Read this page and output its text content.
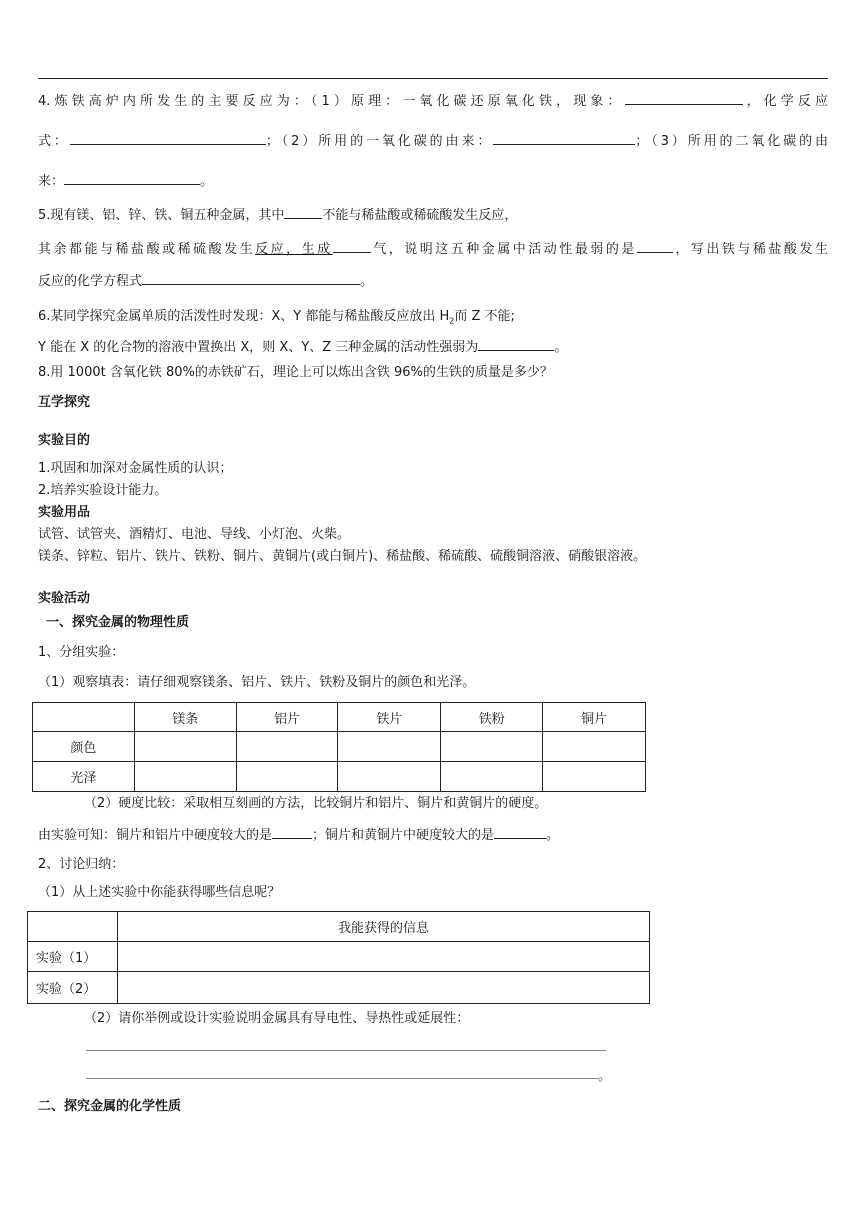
4.炼铁高炉内所发生的主要反应为：（1）原理：一氧化碳还原氧化铁，现象：	，化学反应
式：	；（2）所用的一氧化碳的由来：	；（3）所用的二氧化碳的由
来：	。
5.现有镁、铝、锌、铁、铜五种金属，其中	不能与稀盐酸或稀硫酸发生反应，
其余都能与稀盐酸或稀硫酸发生反应，生成	气，说明这五种金属中活动性最弱的是	，写出铁与稀盐酸发生
反应的化学方程式	。
6.某同学探究金属单质的活泼性时发现：X、Y 都能与稀盐酸反应放出 $H_2$而 Z 不能;
Y 能在 X 的化合物的溶液中置换出 X，则 X、Y、Z 三种金属的活动性强弱为	。
8.用 1000t 含氧化铁 80%的赤铁矿石，理论上可以炼出含铁 96%的生铁的质量是多少？
互学探究
实验目的
1.巩固和加深对金属性质的认识；
2.培养实验设计能力。
实验用品
试管、试管夹、酒精灯、电池、导线、小灯泡、火柴。
镁条、锌粒、铝片、铁片、铁粉、铜片、黄铜片(或白铜片)、稀盐酸、稀硫酸、硫酸铜溶液、硝酸银溶液。
实验活动
一、探究金属的物理性质
1、分组实验：
（1）观察填表：请仔细观察镁条、铝片、铁片、铁粉及铜片的颜色和光泽。
	镁条	铝片	铁片	铁粉	铜片
颜色					
光泽					
（2）硬度比较：采取相互刻画的方法，比较铜片和铝片、铜片和黄铜片的硬度。
由实验可知：铜片和铝片中硬度较大的是	；铜片和黄铜片中硬度较大的是	。
2、讨论归纳：
（1）从上述实验中你能获得哪些信息呢？
	我能获得的信息
实验（1）	
实验（2）	
（2）请你举例或设计实验说明金属具有导电性、导热性或延展性：
。
二、探究金属的化学性质
